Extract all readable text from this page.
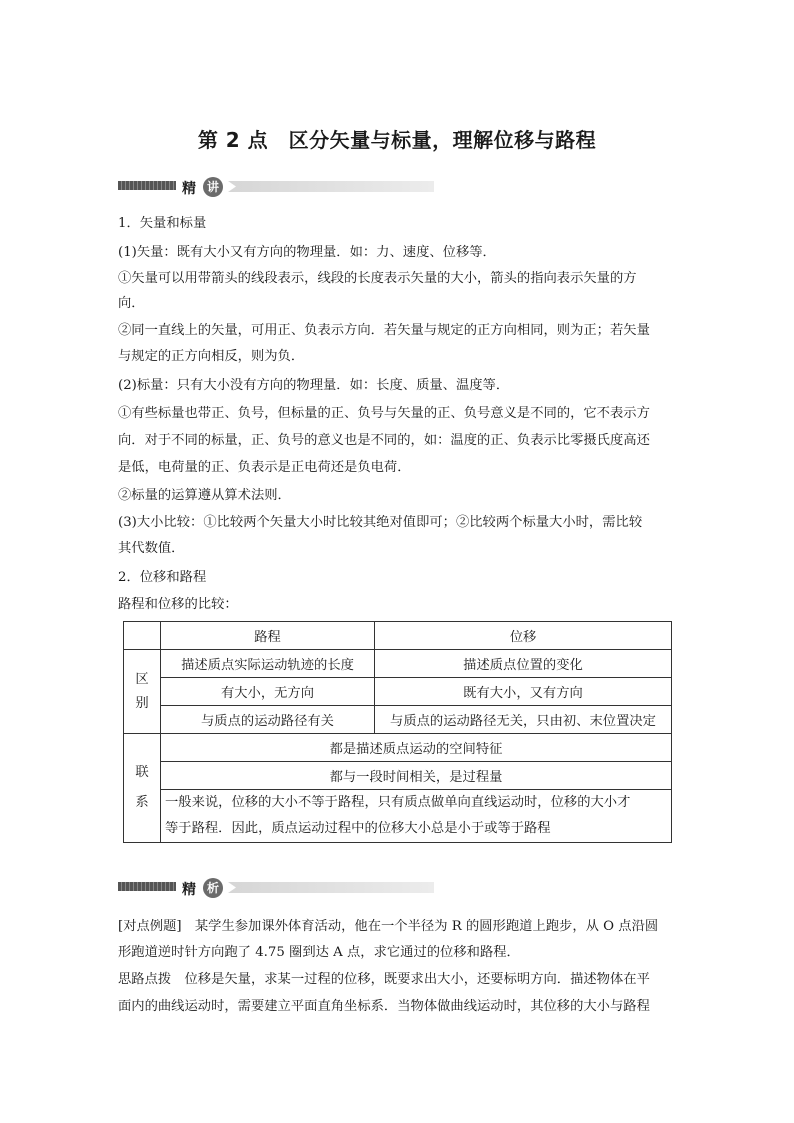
第 2 点　区分矢量与标量，理解位移与路程
精 讲
1．矢量和标量
(1)矢量：既有大小又有方向的物理量．如：力、速度、位移等．
①矢量可以用带箭头的线段表示，线段的长度表示矢量的大小，箭头的指向表示矢量的方
向．
②同一直线上的矢量，可用正、负表示方向．若矢量与规定的正方向相同，则为正；若矢量
与规定的正方向相反，则为负．
(2)标量：只有大小没有方向的物理量．如：长度、质量、温度等．
①有些标量也带正、负号，但标量的正、负号与矢量的正、负号意义是不同的，它不表示方
向．对于不同的标量，正、负号的意义也是不同的，如：温度的正、负表示比零摄氏度高还
是低，电荷量的正、负表示是正电荷还是负电荷．
②标量的运算遵从算术法则．
(3)大小比较：①比较两个矢量大小时比较其绝对值即可；②比较两个标量大小时，需比较
其代数值．
2．位移和路程
路程和位移的比较：
	路程	位移
区别	描述质点实际运动轨迹的长度	描述质点位置的变化
	有大小，无方向	既有大小，又有方向
	与质点的运动路径有关	与质点的运动路径无关，只由初、末位置决定
联系	都是描述质点运动的空间特征	
	都与一段时间相关，是过程量	

	一般来说，位移的大小不等于路程，只有质点做单向直线运动时，位移的大小才
等于路程．因此，质点运动过程中的位移大小总是小于或等于路程	
精 析
[对点例题]　某学生参加课外体育活动，他在一个半径为 R 的圆形跑道上跑步，从 O 点沿圆
形跑道逆时针方向跑了 4.75 圈到达 A 点，求它通过的位移和路程．
思路点拨　位移是矢量，求某一过程的位移，既要求出大小，还要标明方向．描述物体在平
面内的曲线运动时，需要建立平面直角坐标系．当物体做曲线运动时，其位移的大小与路程
